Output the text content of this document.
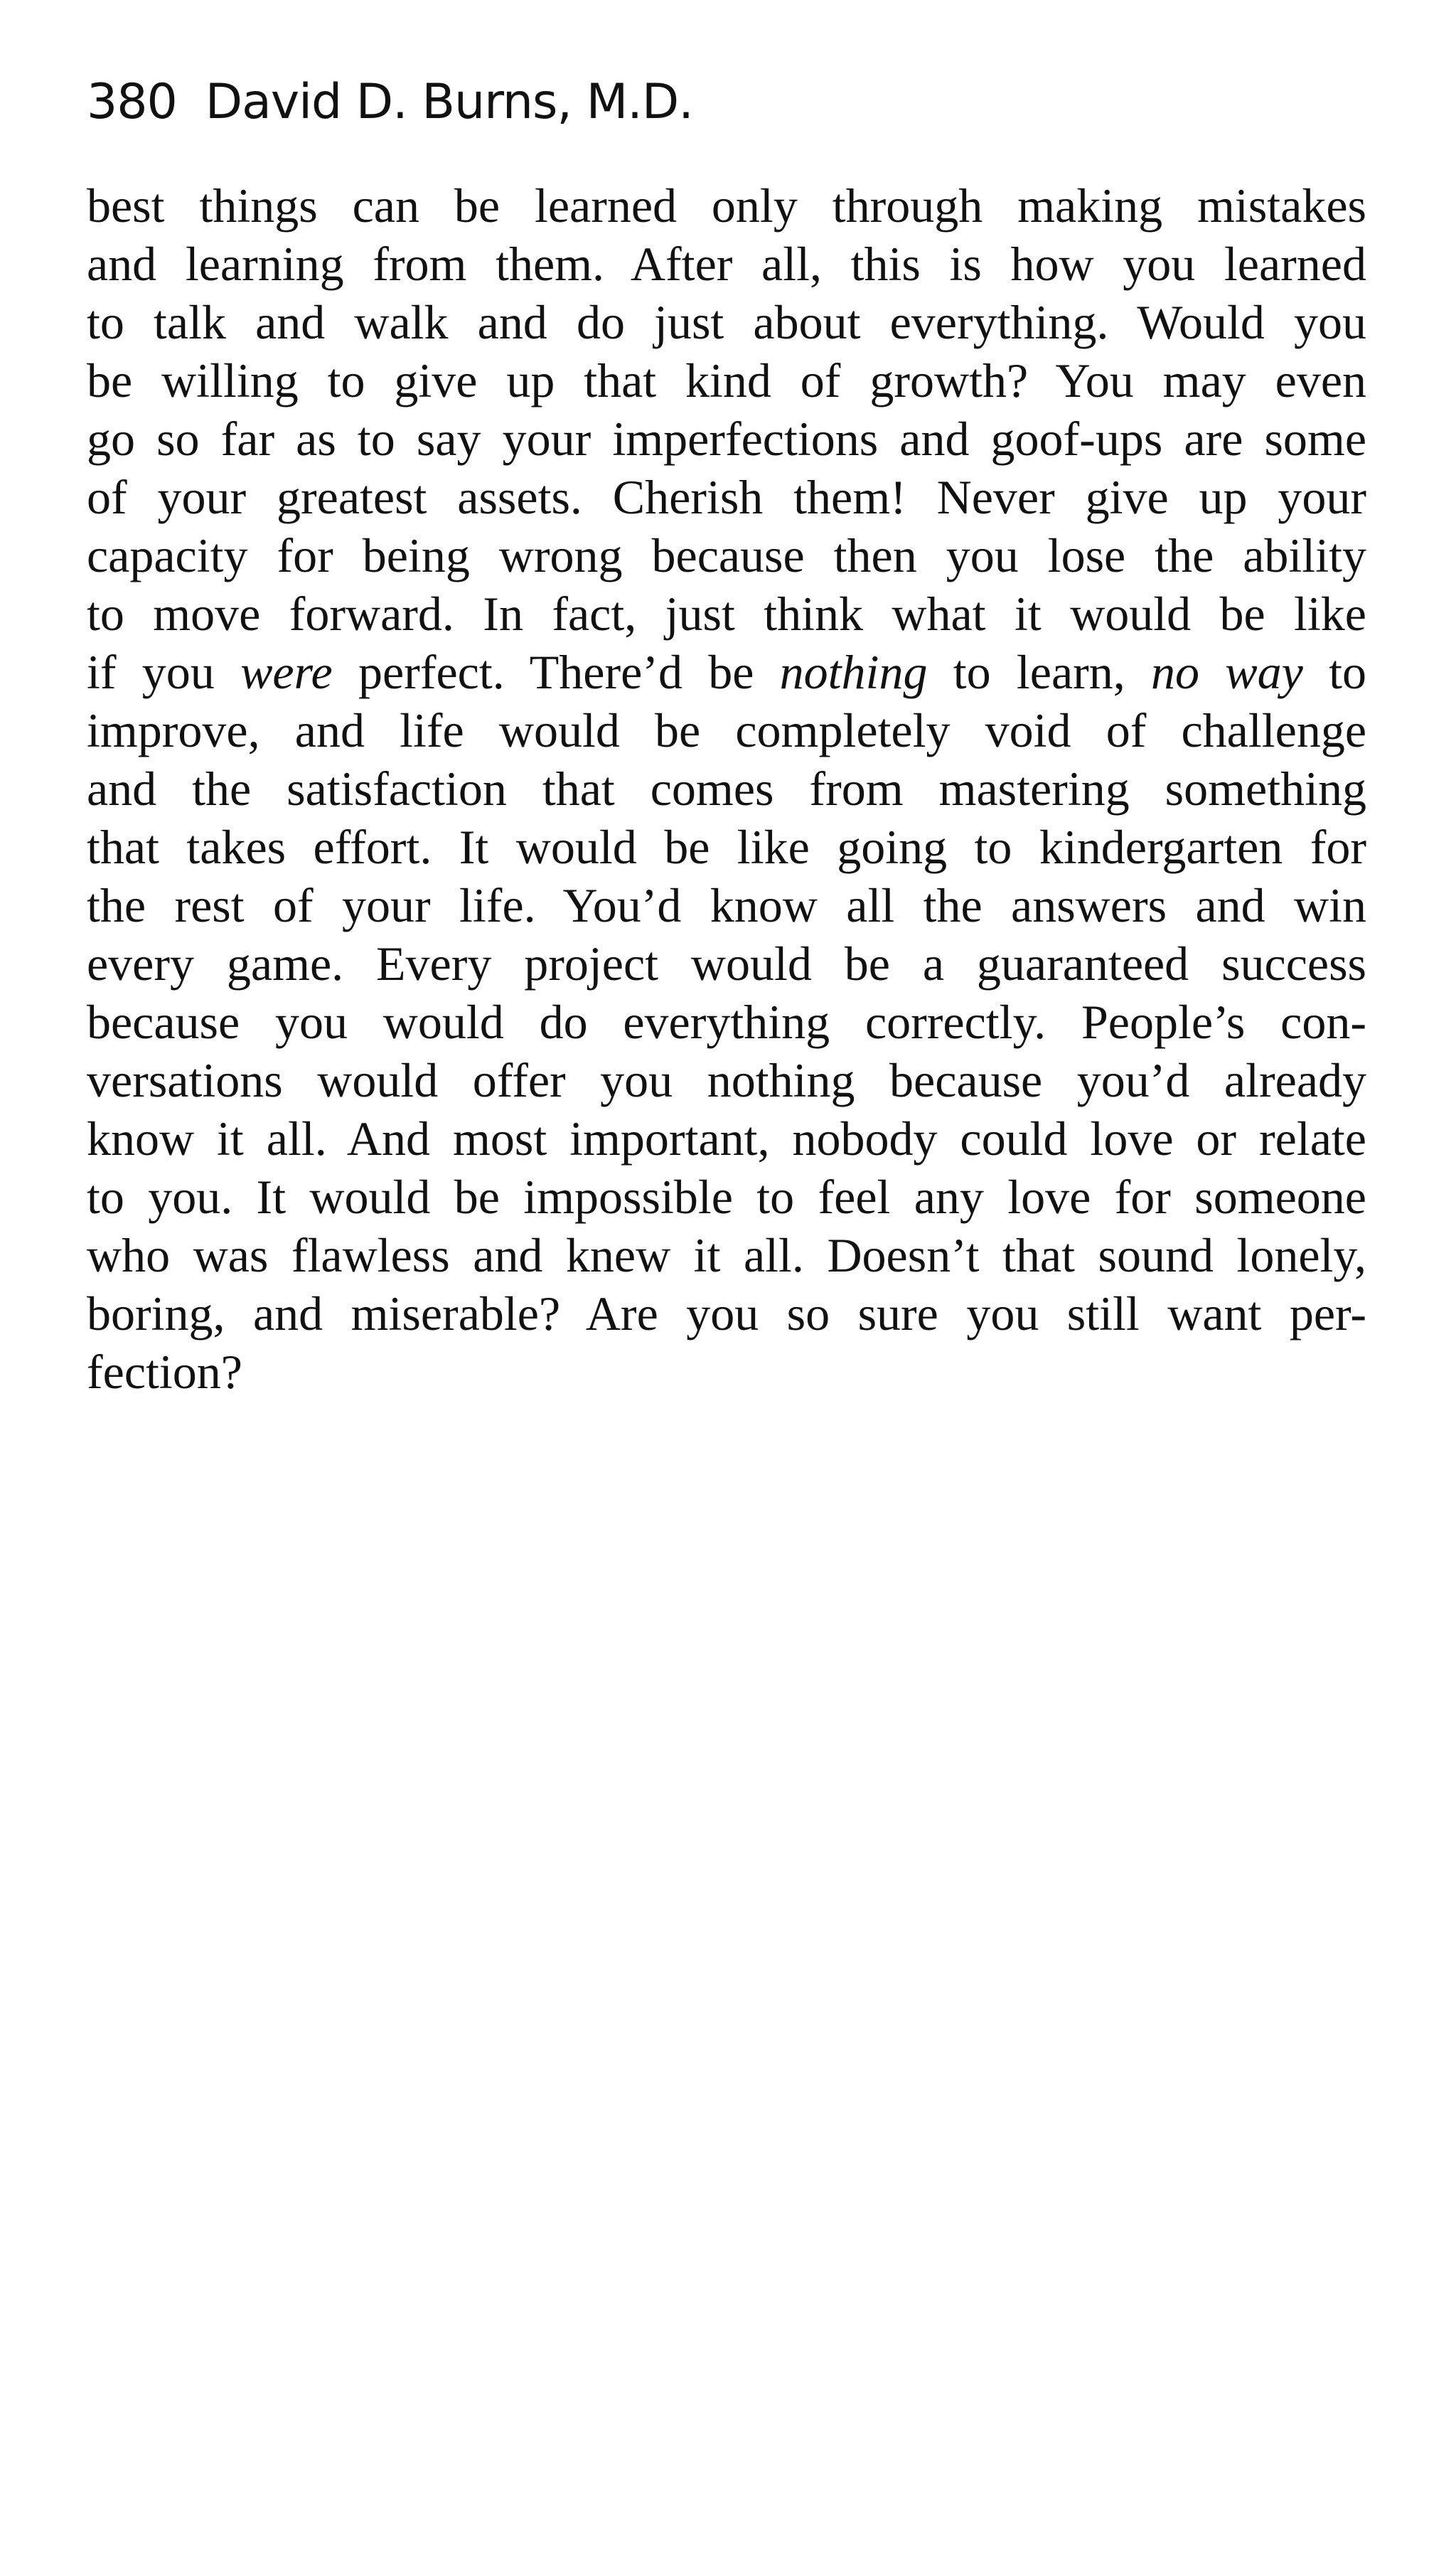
380 David D. Burns, M.D.
best things can be learned only through making mistakes
and learning from them. After all, this is how you learned
to talk and walk and do just about everything. Would you
be willing to give up that kind of growth? You may even
go so far as to say your imperfections and goof-ups are some
of your greatest assets. Cherish them! Never give up your
capacity for being wrong because then you lose the ability
to move forward. In fact, just think what it would be like
if you were perfect. There’d be nothing to learn, no way to
improve, and life would be completely void of challenge
and the satisfaction that comes from mastering something
that takes effort. It would be like going to kindergarten for
the rest of your life. You’d know all the answers and win
every game. Every project would be a guaranteed success
because you would do everything correctly. People’s con-
versations would offer you nothing because you’d already
know it all. And most important, nobody could love or relate
to you. It would be impossible to feel any love for someone
who was flawless and knew it all. Doesn’t that sound lonely,
boring, and miserable? Are you so sure you still want per-
fection?
